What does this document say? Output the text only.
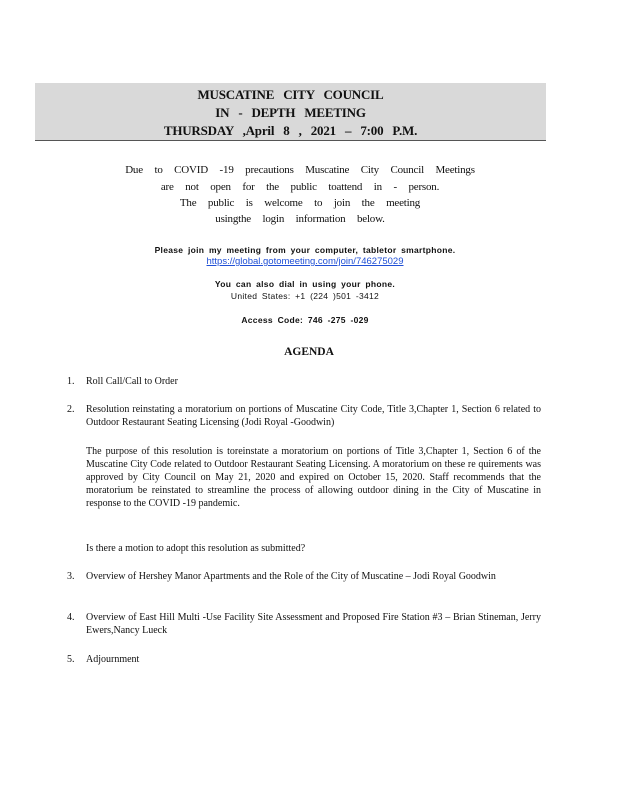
MUSCATINE CITY COUNCIL
IN - DEPTH MEETING
THURSDAY ,April 8 , 2021 – 7:00 P.M.
Due to COVID -19 precautions Muscatine City Council Meetings
are not open for the public toattend in - person.
The public is welcome to join the meeting
usingthe login information below.
Please join my meeting from your computer, tabletor smartphone.
https://global.gotomeeting.com/join/746275029
You can also dial in using your phone.
United States: +1 (224 )501 -3412
Access Code: 746 -275 -029
AGENDA
1.	Roll Call/Call to Order
2.	Resolution reinstating a moratorium on portions of Muscatine City Code, Title 3,Chapter 1, Section 6 related to Outdoor Restaurant Seating Licensing (Jodi Royal -Goodwin)
The purpose of this resolution is toreinstate a moratorium on portions of Title 3,Chapter 1, Section 6 of the Muscatine City Code related to Outdoor Restaurant Seating Licensing. A moratorium on these re quirements was approved by City Council on May 21, 2020 and expired on October 15, 2020. Staff recommends that the moratorium be reinstated to streamline the process of allowing outdoor dining in the City of Muscatine in response to the COVID -19 pandemic.
Is there a motion to adopt this resolution as submitted?
3.	Overview of Hershey Manor Apartments and the Role of the City of Muscatine – Jodi Royal Goodwin
4.	Overview of East Hill Multi -Use Facility Site Assessment and Proposed Fire Station #3 – Brian Stineman, Jerry Ewers,Nancy Lueck
5.	Adjournment
